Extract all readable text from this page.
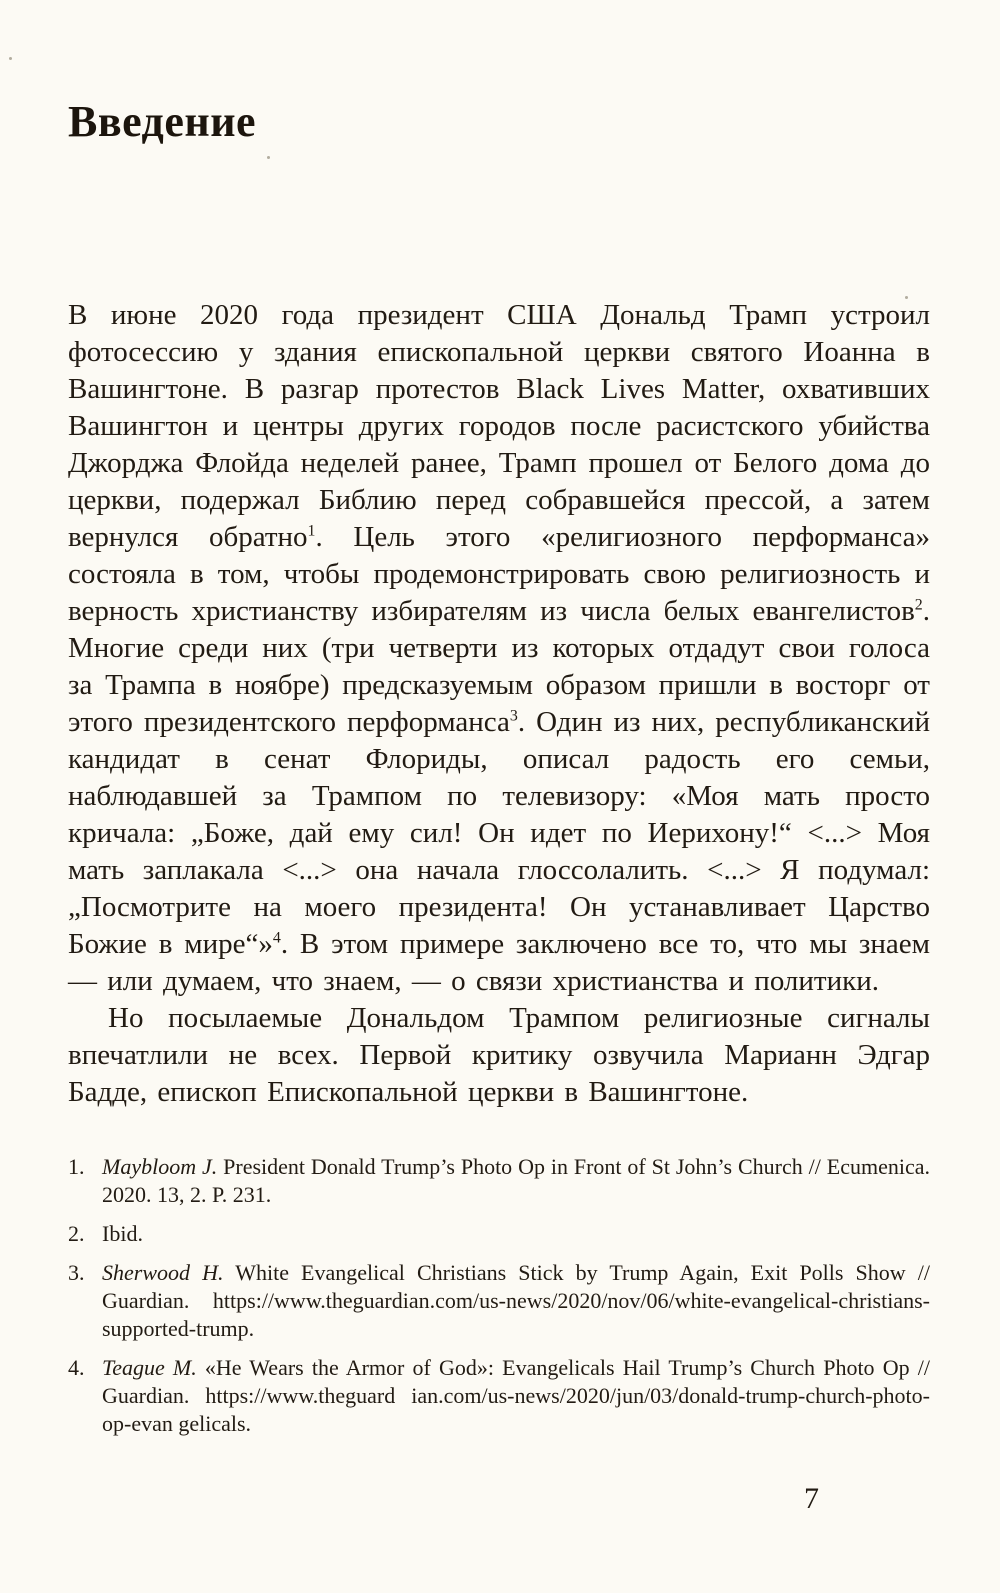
Введение

В июне 2020 года президент США Дональд Трамп устроил фотосессию у здания епископальной церкви святого Иоанна в Вашингтоне. В разгар протестов Black Lives Matter, охвативших Вашингтон и центры других городов после расистского убийства Джорджа Флойда неделей ранее, Трамп прошел от Белого дома до церкви, подержал Библию перед собравшейся прессой, а затем вернулся обратно$^1$. Цель этого «религиозного перформанса» состояла в том, чтобы продемонстрировать свою религиозность и верность христианству избирателям из числа белых евангелистов$^2$. Многие среди них (три четверти из которых отдадут свои голоса за Трампа в ноябре) предсказуемым образом пришли в восторг от этого президентского перформанса$^3$. Один из них, республиканский кандидат в сенат Флориды, описал радость его семьи, наблюдавшей за Трампом по телевизору: «Моя мать просто кричала: „Боже, дай ему сил! Он идет по Иерихону!“ <...> Моя мать заплакала <...> она начала глоссолалить. <...> Я подумал: „Посмотрите на моего президента! Он устанавливает Царство Божие в мире“»$^4$. В этом примере заключено все то, что мы знаем — или думаем, что знаем, — о связи христианства и политики.

Но посылаемые Дональдом Трампом религиозные сигналы впечатлили не всех. Первой критику озвучила Марианн Эдгар Бадде, епископ Епископальной церкви в Вашингтоне.

1. Maybloom J. President Donald Trump’s Photo Op in Front of St John’s Church // Ecumenica. 2020. 13, 2. P. 231.
2. Ibid.
3. Sherwood H. White Evangelical Christians Stick by Trump Again, Exit Polls Show // Guardian. https://www.theguardian.com/us-news/2020/nov/06/white-evangelical-christians-supported-trump.
4. Teague M. «He Wears the Armor of God»: Evangelicals Hail Trump’s Church Photo Op // Guardian. https://www.theguard ian.com/us-news/2020/jun/03/donald-trump-church-photo-op-evan gelicals.
7
